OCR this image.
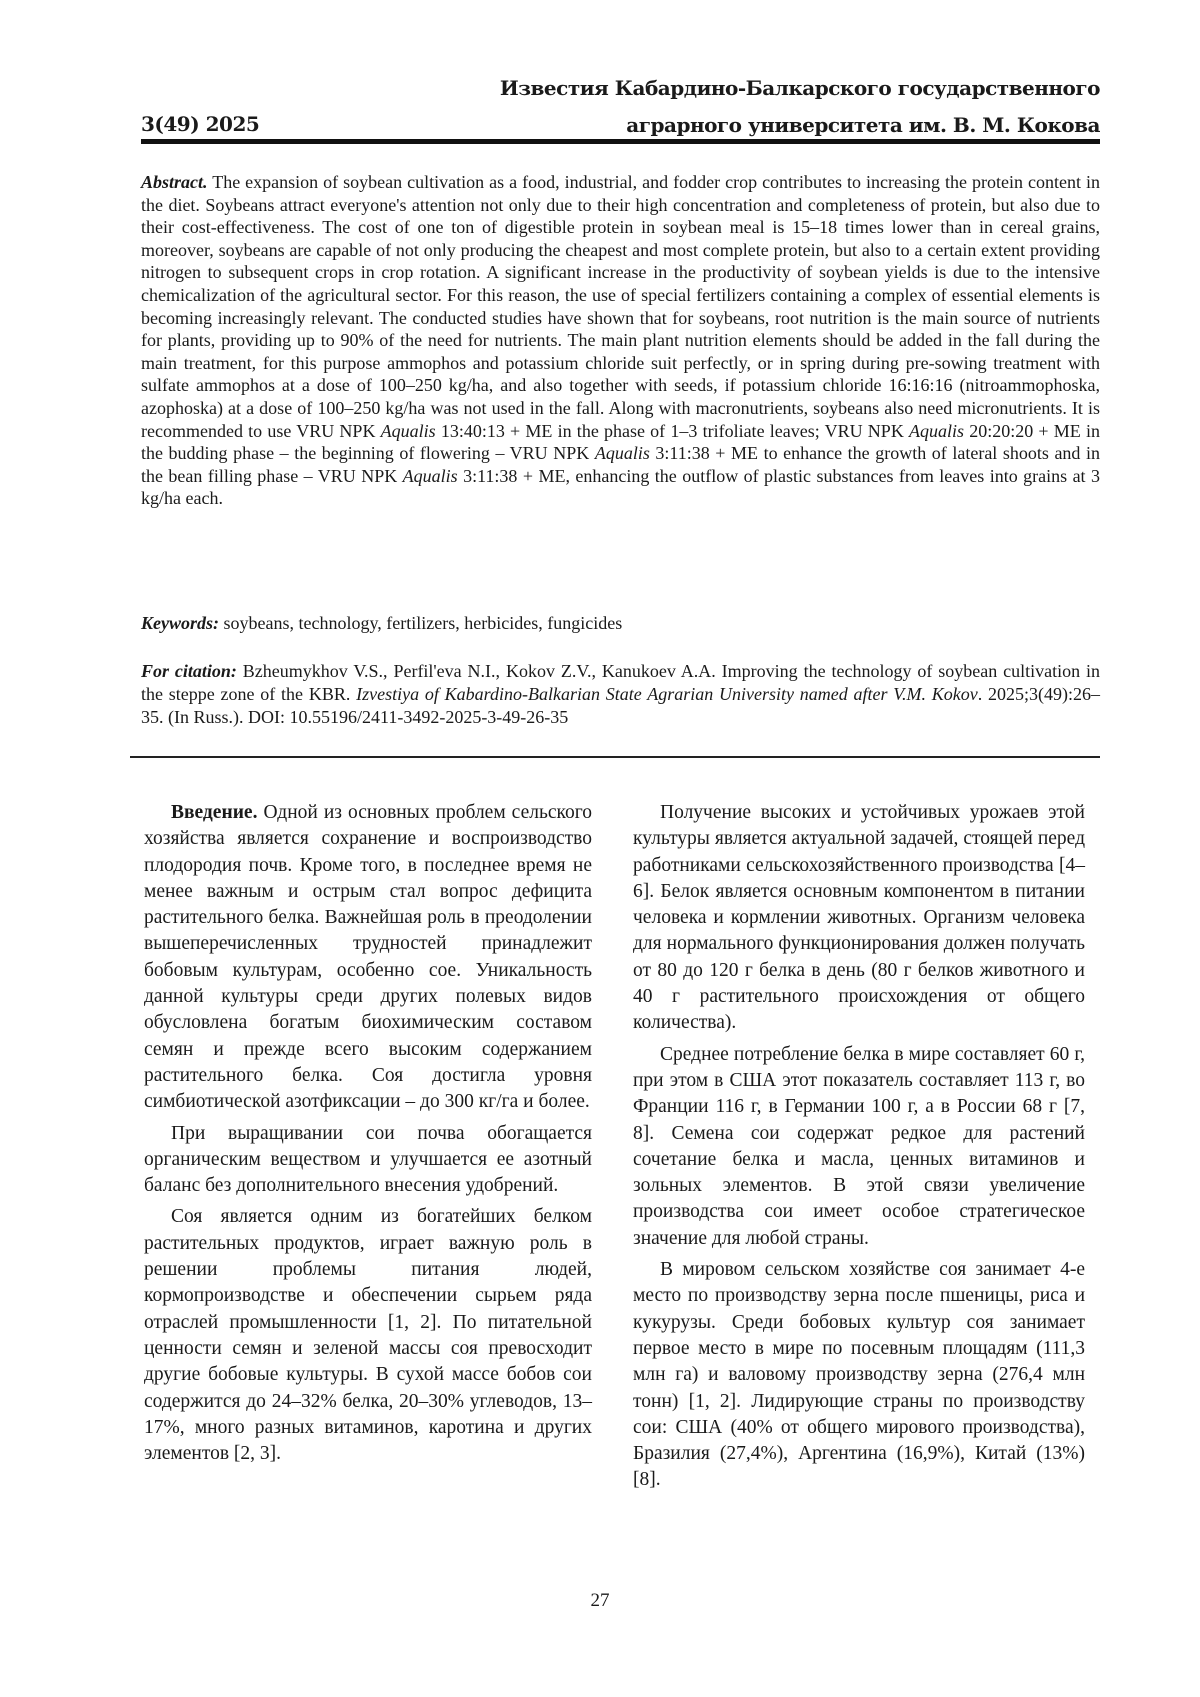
3(49) 2025
Известия Кабардино-Балкарского государственного
аграрного университета им. В. М. Кокова

Abstract. The expansion of soybean cultivation as a food, industrial, and fodder crop contributes to increasing the protein content in the diet. Soybeans attract everyone's attention not only due to their high concentration and completeness of protein, but also due to their cost-effectiveness. The cost of one ton of digestible protein in soybean meal is 15–18 times lower than in cereal grains, moreover, soybeans are capable of not only producing the cheapest and most complete protein, but also to a certain extent providing nitrogen to subsequent crops in crop rotation. A significant increase in the productivity of soybean yields is due to the intensive chemicalization of the agricultural sector. For this reason, the use of special fertilizers containing a complex of essential elements is becoming increasingly relevant. The conducted studies have shown that for soybeans, root nutrition is the main source of nutrients for plants, providing up to 90% of the need for nutrients. The main plant nutrition elements should be added in the fall during the main treatment, for this purpose ammophos and potassium chloride suit perfectly, or in spring during pre-sowing treatment with sulfate ammophos at a dose of 100–250 kg/ha, and also together with seeds, if potassium chloride 16:16:16 (nitroammophoska, azophoska) at a dose of 100–250 kg/ha was not used in the fall. Along with macronutrients, soybeans also need micronutrients. It is recommended to use VRU NPK Aqualis 13:40:13 + ME in the phase of 1–3 trifoliate leaves; VRU NPK Aqualis 20:20:20 + ME in the budding phase – the beginning of flowering – VRU NPK Aqualis 3:11:38 + ME to enhance the growth of lateral shoots and in the bean filling phase – VRU NPK Aqualis 3:11:38 + ME, enhancing the outflow of plastic substances from leaves into grains at 3 kg/ha each.

Keywords: soybeans, technology, fertilizers, herbicides, fungicides

For citation: Bzheumykhov V.S., Perfil'eva N.I., Kokov Z.V., Kanukoev A.A. Improving the technology of soybean cultivation in the steppe zone of the KBR. Izvestiya of Kabardino-Balkarian State Agrarian University named after V.M. Kokov. 2025;3(49):26–35. (In Russ.). DOI: 10.55196/2411-3492-2025-3-49-26-35

Введение. Одной из основных проблем сельского хозяйства является сохранение и воспроизводство плодородия почв. Кроме того, в последнее время не менее важным и острым стал вопрос дефицита растительного белка. Важнейшая роль в преодолении вышеперечисленных трудностей принадлежит бобовым культурам, особенно сое. Уникальность данной культуры среди других полевых видов обусловлена богатым биохимическим составом семян и прежде всего высоким содержанием растительного белка. Соя достигла уровня симбиотической азотфиксации – до 300 кг/га и более.

При выращивании сои почва обогащается органическим веществом и улучшается ее азотный баланс без дополнительного внесения удобрений.

Соя является одним из богатейших белком растительных продуктов, играет важную роль в решении проблемы питания людей, кормопроизводстве и обеспечении сырьем ряда отраслей промышленности [1, 2]. По питательной ценности семян и зеленой массы соя превосходит другие бобовые культуры. В сухой массе бобов сои содержится до 24–32% белка, 20–30% углеводов, 13–17%, много разных витаминов, каротина и других элементов [2, 3].

Получение высоких и устойчивых урожаев этой культуры является актуальной задачей, стоящей перед работниками сельскохозяйственного производства [4–6]. Белок является основным компонентом в питании человека и кормлении животных. Организм человека для нормального функционирования должен получать от 80 до 120 г белка в день (80 г белков животного и 40 г растительного происхождения от общего количества).

Среднее потребление белка в мире составляет 60 г, при этом в США этот показатель составляет 113 г, во Франции 116 г, в Германии 100 г, а в России 68 г [7, 8]. Семена сои содержат редкое для растений сочетание белка и масла, ценных витаминов и зольных элементов. В этой связи увеличение производства сои имеет особое стратегическое значение для любой страны.

В мировом сельском хозяйстве соя занимает 4-е место по производству зерна после пшеницы, риса и кукурузы. Среди бобовых культур соя занимает первое место в мире по посевным площадям (111,3 млн га) и валовому производству зерна (276,4 млн тонн) [1, 2]. Лидирующие страны по производству сои: США (40% от общего мирового производства), Бразилия (27,4%), Аргентина (16,9%), Китай (13%) [8].

27
